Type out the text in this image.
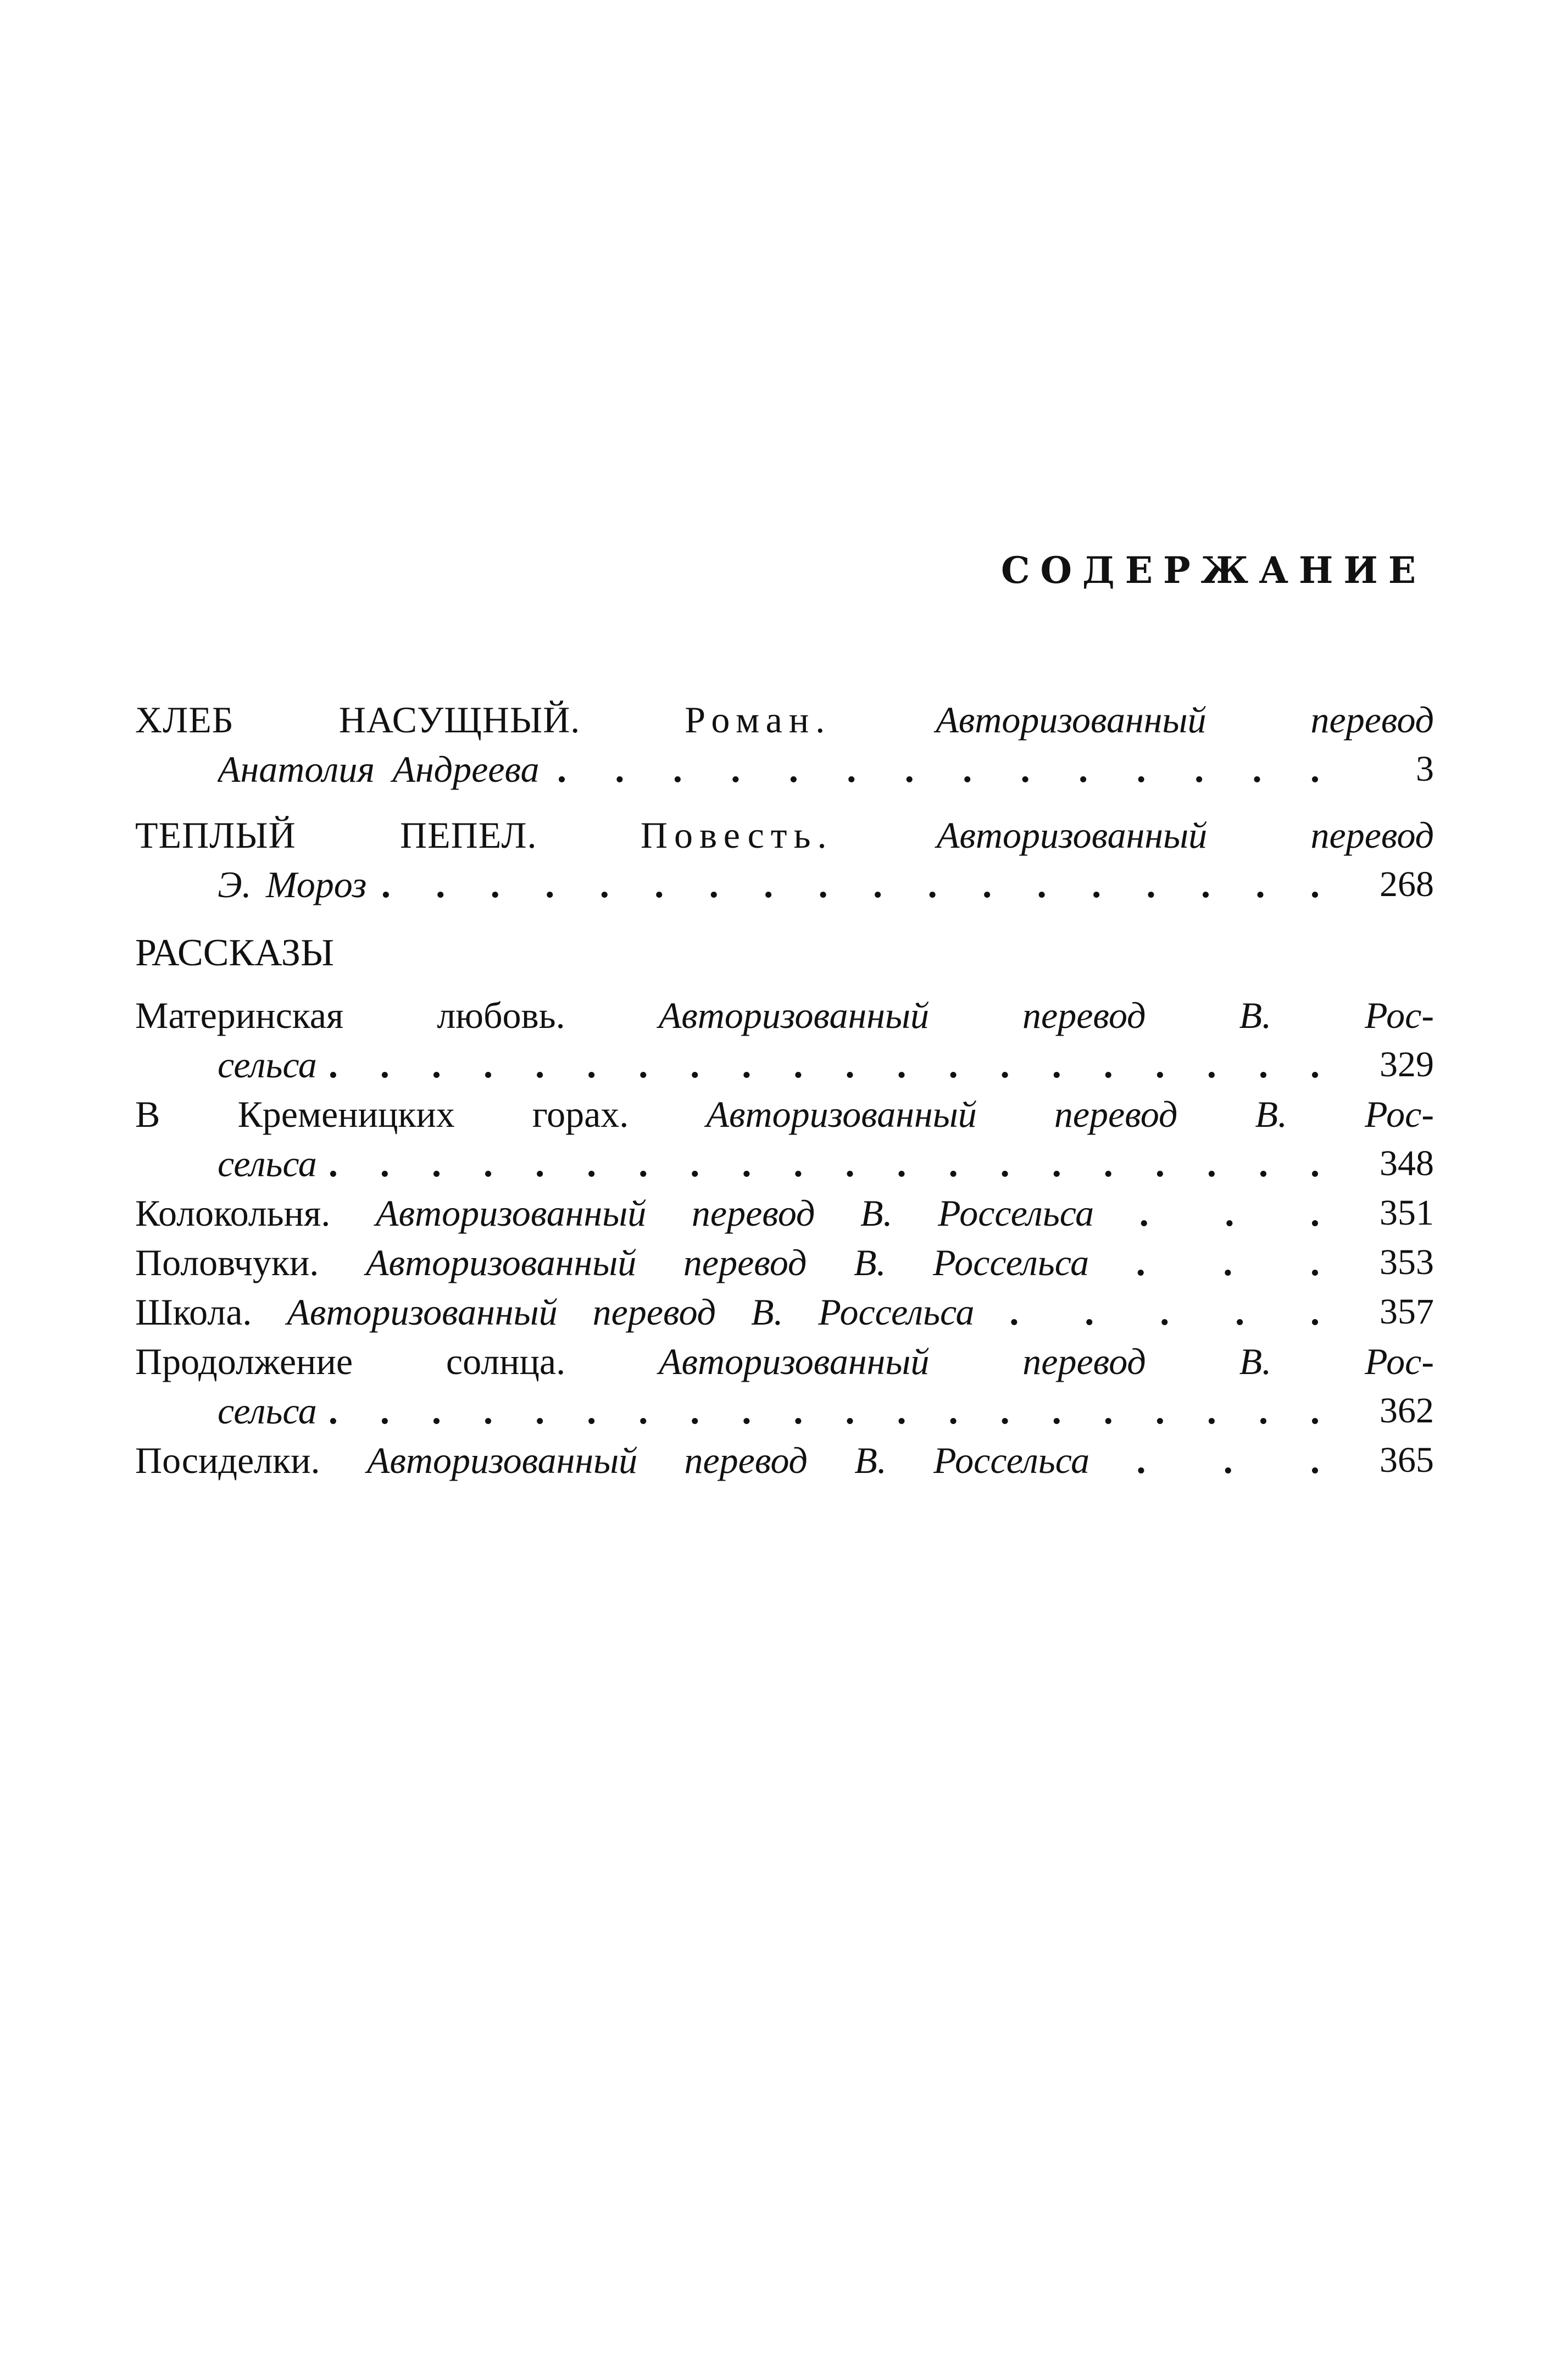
СОДЕРЖАНИЕ
ХЛЕБ НАСУЩНЫЙ.	Роман.	Авторизованный перевод
Анатолия Андреева . . . . . . . . . . . . . . 3
ТЕПЛЫЙ ПЕПЕЛ.	Повесть.	Авторизованный перевод
Э. Мороз . . . . . . . . . . . . . . . . . . 268
РАССКАЗЫ
Материнская любовь.	Авторизованный перевод В. Рос-
сельса . . . . . . . . . . . . . . . . . . . . 329
В Кременицких горах. Авторизованный перевод В. Рос-
сельса . . . . . . . . . . . . . . . . . . . . 348
Колокольня. Авторизованный перевод В. Россельса . . . 351
Половчуки. Авторизованный перевод В. Россельса . . . 353
Школа. Авторизованный перевод В. Россельса . . . . . 357
Продолжение солнца. Авторизованный перевод В. Рос-
сельса . . . . . . . . . . . . . . . . . . . . 362
Посиделки. Авторизованный перевод В. Россельса . . . 365
